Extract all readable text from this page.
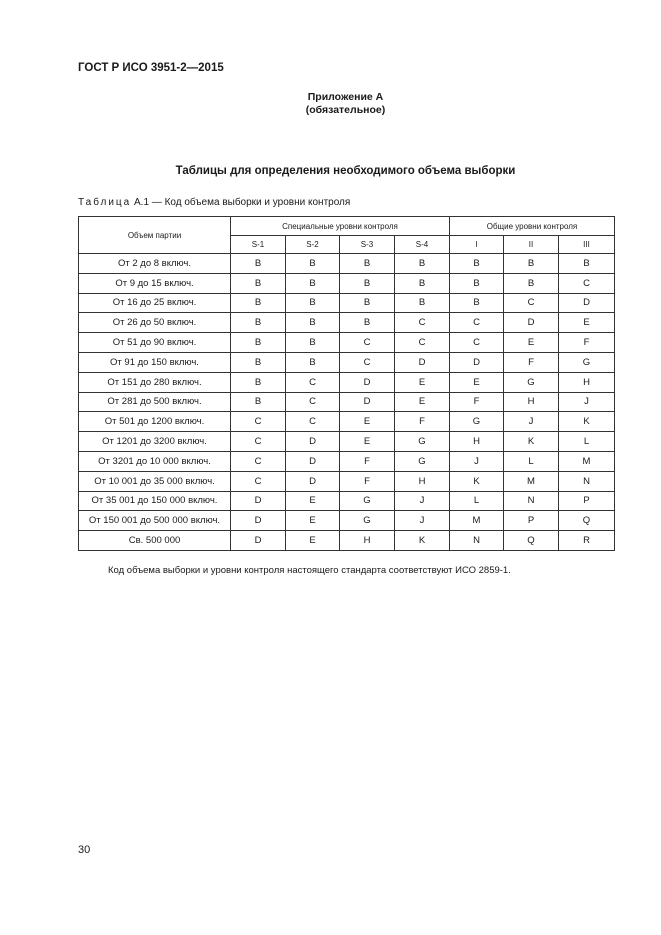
ГОСТ Р ИСО 3951-2—2015
Приложение А
(обязательное)
Таблицы для определения необходимого объема выборки
Таблица А.1 — Код объема выборки и уровни контроля
Объем партии	Специальные уровни контроля				Общие уровни контроля		
	S-1	S-2	S-3	S-4	I	II	III
От 2 до 8 включ.	B	B	B	B	B	B	B
От 9 до 15 включ.	B	B	B	B	B	B	C
От 16 до 25 включ.	B	B	B	B	B	C	D
От 26 до 50 включ.	B	B	B	C	C	D	E
От 51 до 90 включ.	B	B	C	C	C	E	F
От 91 до 150 включ.	B	B	C	D	D	F	G
От 151 до 280 включ.	B	C	D	E	E	G	H
От 281 до 500 включ.	B	C	D	E	F	H	J
От 501 до 1200 включ.	C	C	E	F	G	J	K
От 1201 до 3200 включ.	C	D	E	G	H	K	L
От 3201 до 10 000 включ.	C	D	F	G	J	L	M
От 10 001 до 35 000 включ.	C	D	F	H	K	M	N
От 35 001 до 150 000 включ.	D	E	G	J	L	N	P
От 150 001 до 500 000 включ.	D	E	G	J	M	P	Q
Св. 500 000	D	E	H	K	N	Q	R
Код объема выборки и уровни контроля настоящего стандарта соответствуют ИСО 2859-1.
30
